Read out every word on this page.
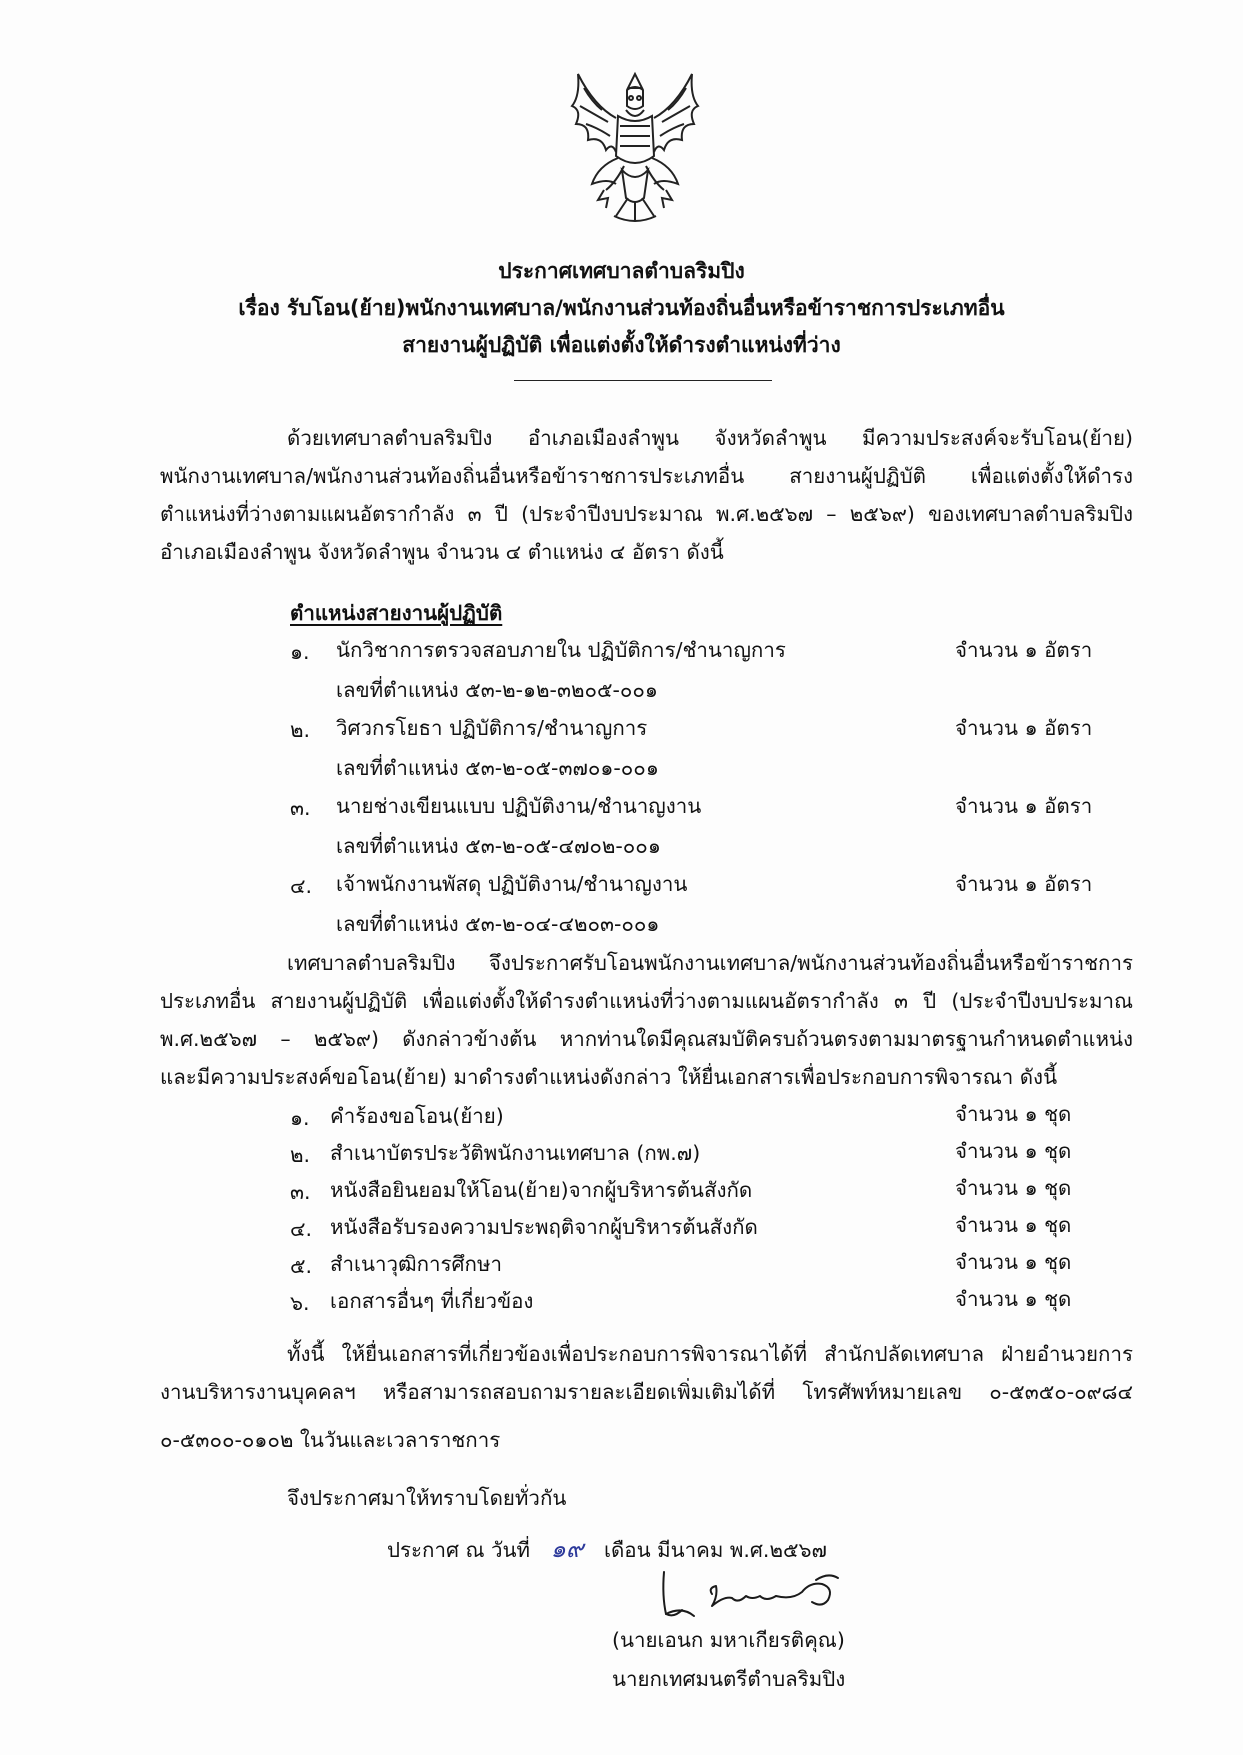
ประกาศเทศบาลตำบลริมปิง
เรื่อง รับโอน(ย้าย)พนักงานเทศบาล/พนักงานส่วนท้องถิ่นอื่นหรือข้าราชการประเภทอื่น
สายงานผู้ปฏิบัติ เพื่อแต่งตั้งให้ดำรงตำแหน่งที่ว่าง
ด้วยเทศบาลตำบลริมปิง อำเภอเมืองลำพูน จังหวัดลำพูน มีความประสงค์จะรับโอน(ย้าย)
พนักงานเทศบาล/พนักงานส่วนท้องถิ่นอื่นหรือข้าราชการประเภทอื่น สายงานผู้ปฏิบัติ เพื่อแต่งตั้งให้ดำรง
ตำแหน่งที่ว่างตามแผนอัตรากำลัง ๓ ปี (ประจำปีงบประมาณ พ.ศ.๒๕๖๗ – ๒๕๖๙) ของเทศบาลตำบลริมปิง
อำเภอเมืองลำพูน จังหวัดลำพูน จำนวน ๔ ตำแหน่ง ๔ อัตรา ดังนี้
ตำแหน่งสายงานผู้ปฏิบัติ
๑. นักวิชาการตรวจสอบภายใน ปฏิบัติการ/ชำนาญการ	จำนวน ๑ อัตรา
เลขที่ตำแหน่ง ๕๓-๒-๑๒-๓๒๐๕-๐๐๑
๒. วิศวกรโยธา ปฏิบัติการ/ชำนาญการ	จำนวน ๑ อัตรา
เลขที่ตำแหน่ง ๕๓-๒-๐๕-๓๗๐๑-๐๐๑
๓. นายช่างเขียนแบบ ปฏิบัติงาน/ชำนาญงาน	จำนวน ๑ อัตรา
เลขที่ตำแหน่ง ๕๓-๒-๐๕-๔๗๐๒-๐๐๑
๔. เจ้าพนักงานพัสดุ ปฏิบัติงาน/ชำนาญงาน	จำนวน ๑ อัตรา
เลขที่ตำแหน่ง ๕๓-๒-๐๔-๔๒๐๓-๐๐๑
เทศบาลตำบลริมปิง จึงประกาศรับโอนพนักงานเทศบาล/พนักงานส่วนท้องถิ่นอื่นหรือข้าราชการ
ประเภทอื่น สายงานผู้ปฏิบัติ เพื่อแต่งตั้งให้ดำรงตำแหน่งที่ว่างตามแผนอัตรากำลัง ๓ ปี (ประจำปีงบประมาณ
พ.ศ.๒๕๖๗ – ๒๕๖๙) ดังกล่าวข้างต้น หากท่านใดมีคุณสมบัติครบถ้วนตรงตามมาตรฐานกำหนดตำแหน่ง
และมีความประสงค์ขอโอน(ย้าย) มาดำรงตำแหน่งดังกล่าว ให้ยื่นเอกสารเพื่อประกอบการพิจารณา ดังนี้
๑. คำร้องขอโอน(ย้าย)	จำนวน ๑ ชุด
๒. สำเนาบัตรประวัติพนักงานเทศบาล (กพ.๗)	จำนวน ๑ ชุด
๓. หนังสือยินยอมให้โอน(ย้าย)จากผู้บริหารต้นสังกัด	จำนวน ๑ ชุด
๔. หนังสือรับรองความประพฤติจากผู้บริหารต้นสังกัด	จำนวน ๑ ชุด
๕. สำเนาวุฒิการศึกษา	จำนวน ๑ ชุด
๖. เอกสารอื่นๆ ที่เกี่ยวข้อง	จำนวน ๑ ชุด
ทั้งนี้ ให้ยื่นเอกสารที่เกี่ยวข้องเพื่อประกอบการพิจารณาได้ที่ สำนักปลัดเทศบาล ฝ่ายอำนวยการ
งานบริหารงานบุคคลฯ หรือสามารถสอบถามรายละเอียดเพิ่มเติมได้ที่ โทรศัพท์หมายเลข ๐-๕๓๕๐-๐๙๘๔
๐-๕๓๐๐-๐๑๐๒ ในวันและเวลาราชการ
จึงประกาศมาให้ทราบโดยทั่วกัน
ประกาศ ณ วันที่ ๑๙ เดือน มีนาคม พ.ศ.๒๕๖๗
(นายเอนก มหาเกียรติคุณ)
นายกเทศมนตรีตำบลริมปิง
